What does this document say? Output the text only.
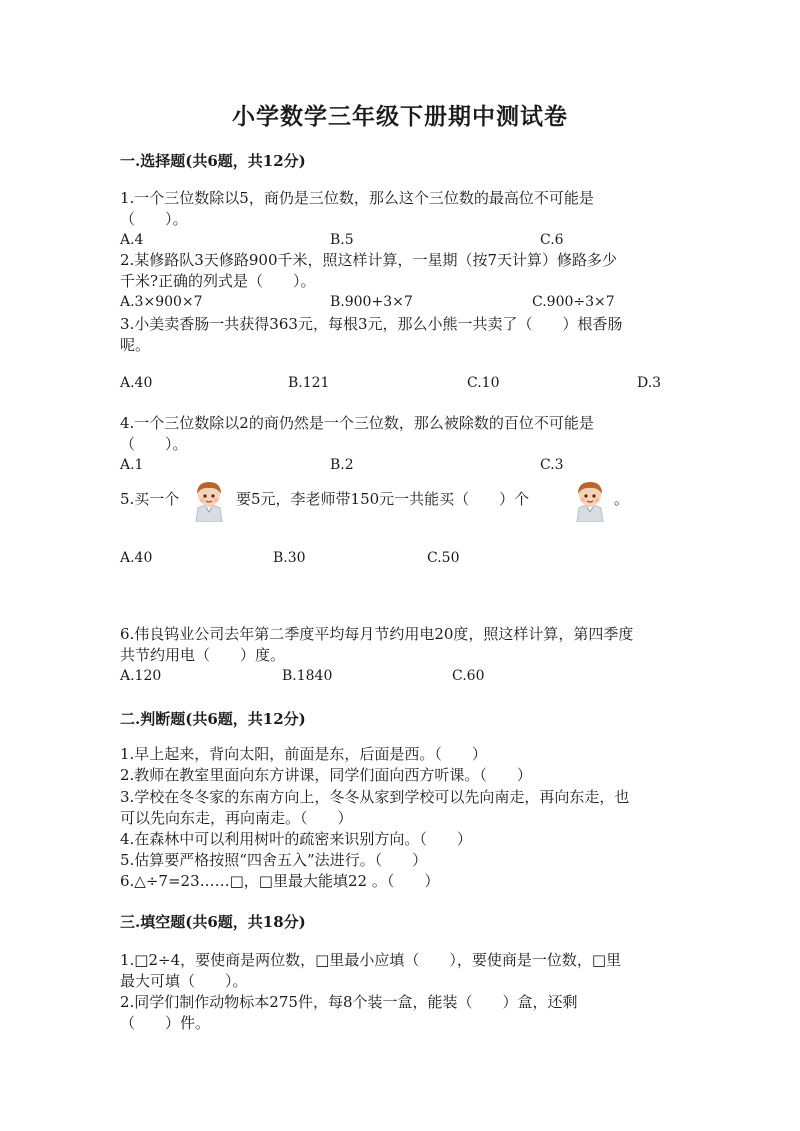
小学数学三年级下册期中测试卷
一.选择题(共6题，共12分)
1.一个三位数除以5，商仍是三位数，那么这个三位数的最高位不可能是
（　　）。
A.4	B.5	C.6
2.某修路队3天修路900千米，照这样计算，一星期（按7天计算）修路多少
千米?正确的列式是（　　）。
A.3×900×7	B.900+3×7	C.900÷3×7
3.小美卖香肠一共获得363元，每根3元，那么小熊一共卖了（　　）根香肠
呢。
A.40	B.121	C.10	D.3
4.一个三位数除以2的商仍然是一个三位数，那么被除数的百位不可能是
（　　）。
A.1	B.2	C.3
5.买一个	要5元，李老师带150元一共能买（　　）个	。
A.40	B.30	C.50
6.伟良钨业公司去年第二季度平均每月节约用电20度，照这样计算，第四季度
共节约用电（　　）度。
A.120	B.1840	C.60
二.判断题(共6题，共12分)
1.早上起来，背向太阳，前面是东，后面是西。（　　）
2.教师在教室里面向东方讲课，同学们面向西方听课。（　　）
3.学校在冬冬家的东南方向上，冬冬从家到学校可以先向南走，再向东走，也
可以先向东走，再向南走。（　　）
4.在森林中可以利用树叶的疏密来识别方向。（　　）
5.估算要严格按照“四舍五入”法进行。（　　）
6.△÷7=23……□，□里最大能填22 。（　　）
三.填空题(共6题，共18分)
1.□2÷4，要使商是两位数，□里最小应填（　　），要使商是一位数，□里
最大可填（　　）。
2.同学们制作动物标本275件，每8个装一盒，能装（　　）盒，还剩
（　　）件。
